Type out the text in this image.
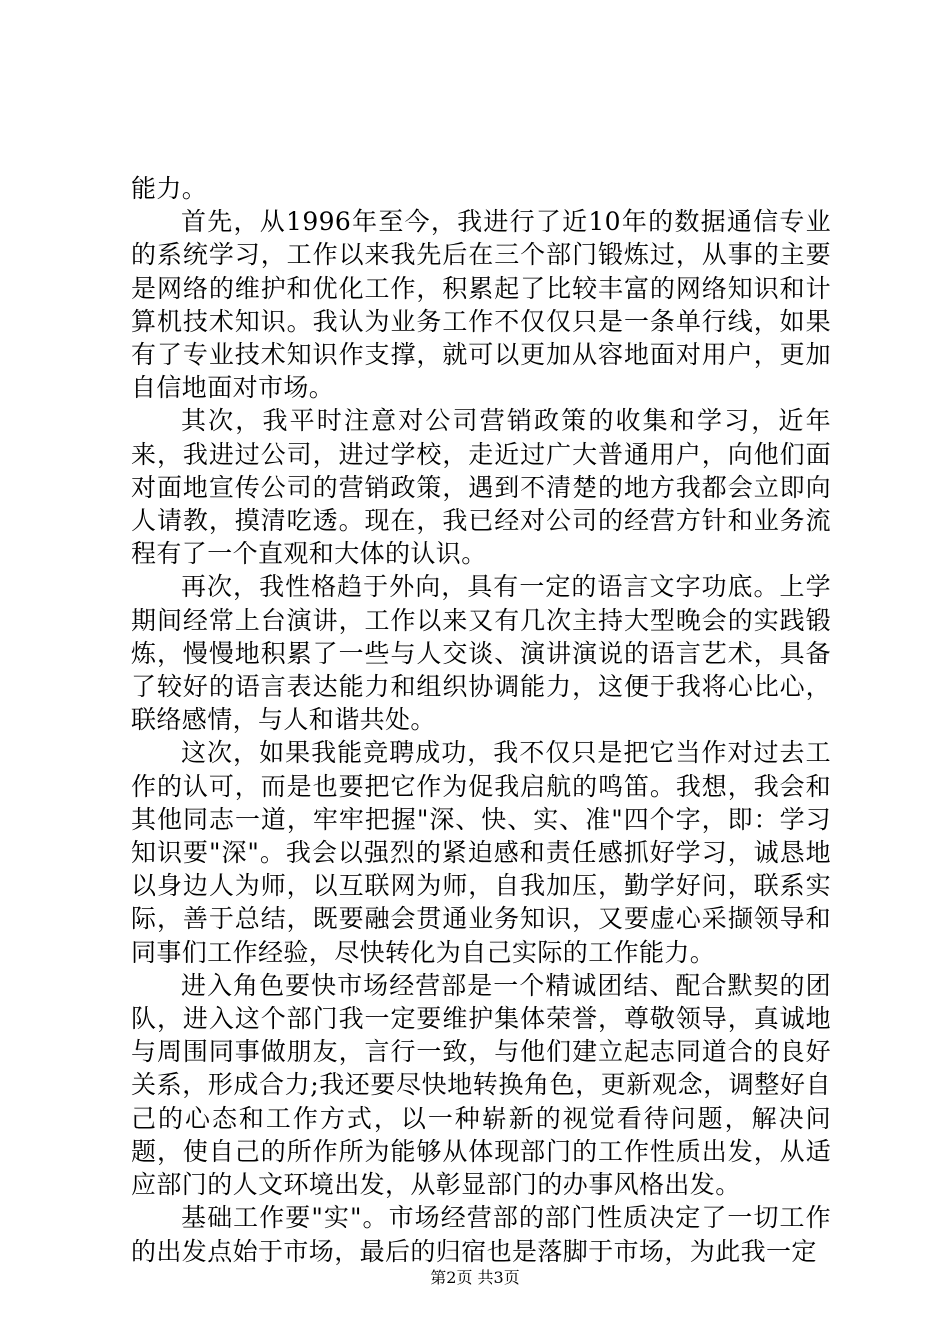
能力。

首先，从1996年至今，我进行了近10年的数据通信专业的系统学习，工作以来我先后在三个部门锻炼过，从事的主要是网络的维护和优化工作，积累起了比较丰富的网络知识和计算机技术知识。我认为业务工作不仅仅只是一条单行线，如果有了专业技术知识作支撑，就可以更加从容地面对用户，更加自信地面对市场。

其次，我平时注意对公司营销政策的收集和学习，近年来，我进过公司，进过学校，走近过广大普通用户，向他们面对面地宣传公司的营销政策，遇到不清楚的地方我都会立即向人请教，摸清吃透。现在，我已经对公司的经营方针和业务流程有了一个直观和大体的认识。

再次，我性格趋于外向，具有一定的语言文字功底。上学期间经常上台演讲，工作以来又有几次主持大型晚会的实践锻炼，慢慢地积累了一些与人交谈、演讲演说的语言艺术，具备了较好的语言表达能力和组织协调能力，这便于我将心比心，联络感情，与人和谐共处。

这次，如果我能竞聘成功，我不仅只是把它当作对过去工作的认可，而是也要把它作为促我启航的鸣笛。我想，我会和其他同志一道，牢牢把握"深、快、实、准"四个字，即：学习知识要"深"。我会以强烈的紧迫感和责任感抓好学习，诚恳地以身边人为师，以互联网为师，自我加压，勤学好问，联系实际，善于总结，既要融会贯通业务知识，又要虚心采撷领导和同事们工作经验，尽快转化为自己实际的工作能力。

进入角色要快市场经营部是一个精诚团结、配合默契的团队，进入这个部门我一定要维护集体荣誉，尊敬领导，真诚地与周围同事做朋友，言行一致，与他们建立起志同道合的良好关系，形成合力;我还要尽快地转换角色，更新观念，调整好自己的心态和工作方式，以一种崭新的视觉看待问题，解决问题，使自己的所作所为能够从体现部门的工作性质出发，从适应部门的人文环境出发，从彰显部门的办事风格出发。

基础工作要"实"。市场经营部的部门性质决定了一切工作的出发点始于市场，最后的归宿也是落脚于市场，为此我一定

第2页 共3页
